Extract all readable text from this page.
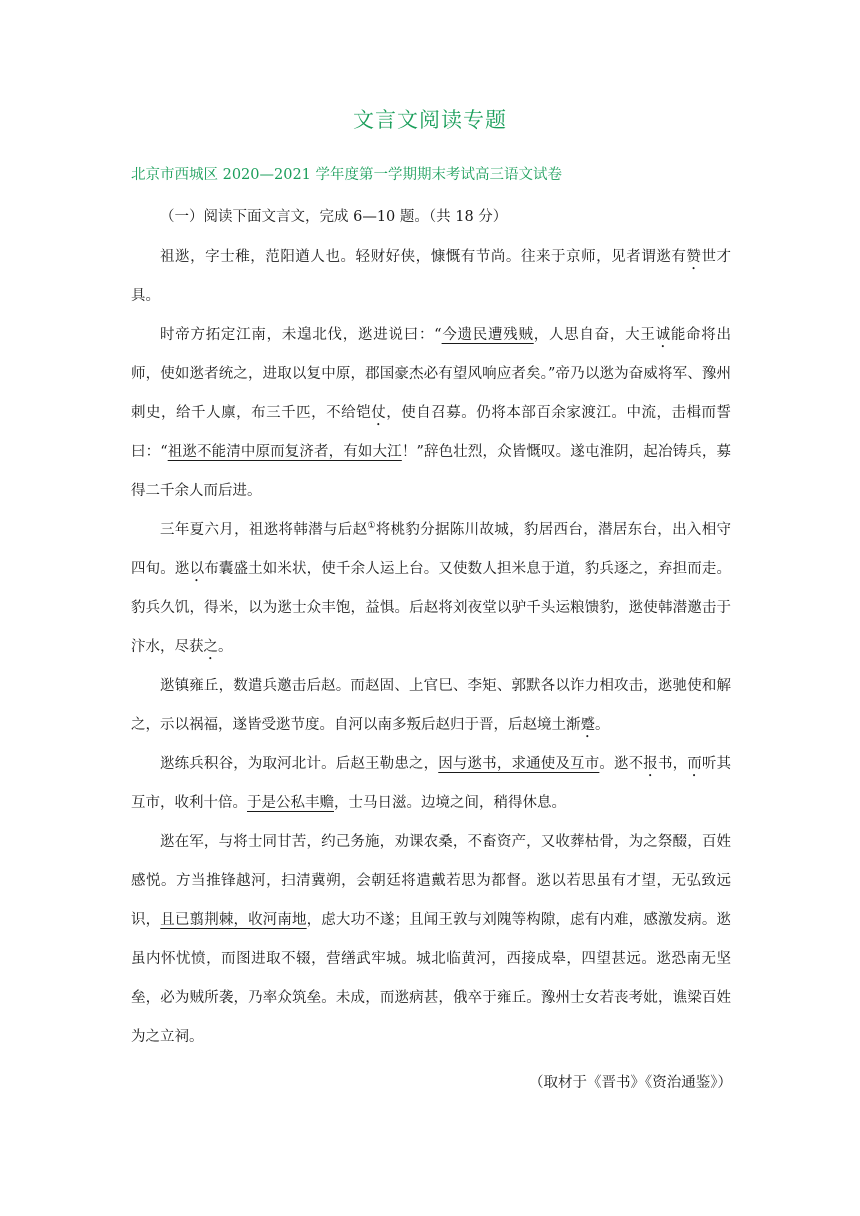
文言文阅读专题
北京市西城区 2020—2021 学年度第一学期期末考试高三语文试卷
（一）阅读下面文言文，完成 6—10 题。（共 18 分）

祖逖，字士稚，范阳遒人也。轻财好侠，慷慨有节尚。往来于京师，见者谓逖有赞世才具。

时帝方拓定江南，未遑北伐，逖进说曰：“今遗民遭残贼，人思自奋，大王诚能命将出师，使如逖者统之，进取以复中原，郡国豪杰必有望风响应者矣。”帝乃以逖为奋威将军、豫州刺史，给千人廪，布三千匹，不给铠仗，使自召募。仍将本部百余家渡江。中流，击楫而誓曰：“祖逖不能清中原而复济者，有如大江！”辞色壮烈，众皆慨叹。遂屯淮阴，起冶铸兵，募得二千余人而后进。

三年夏六月，祖逖将韩潜与后赵①将桃豹分据陈川故城，豹居西台，潜居东台，出入相守四旬。逖以布囊盛土如米状，使千余人运上台。又使数人担米息于道，豹兵逐之，弃担而走。豹兵久饥，得米，以为逖士众丰饱，益惧。后赵将刘夜堂以驴千头运粮馈豹，逖使韩潜邀击于汴水，尽获之。

逖镇雍丘，数遣兵邀击后赵。而赵固、上官巳、李矩、郭默各以诈力相攻击，逖驰使和解之，示以祸福，遂皆受逖节度。自河以南多叛后赵归于晋，后赵境土渐蹙。

逖练兵积谷，为取河北计。后赵王勒患之，因与逖书，求通使及互市。逖不报书，而听其互市，收利十倍。于是公私丰赡，士马日滋。边境之间，稍得休息。

逖在军，与将士同甘苦，约己务施，劝课农桑，不畜资产，又收葬枯骨，为之祭醊，百姓感悦。方当推锋越河，扫清冀朔，会朝廷将遣戴若思为都督。逖以若思虽有才望，无弘致远识，且已翦荆棘，收河南地，虑大功不遂；且闻王敦与刘隗等构隙，虑有内难，感激发病。逖虽内怀忧愤，而图进取不辍，营缮武牢城。城北临黄河，西接成皋，四望甚远。逖恐南无坚垒，必为贼所袭，乃率众筑垒。未成，而逖病甚，俄卒于雍丘。豫州士女若丧考妣，谯梁百姓为之立祠。

（取材于《晋书》《资治通鉴》）
